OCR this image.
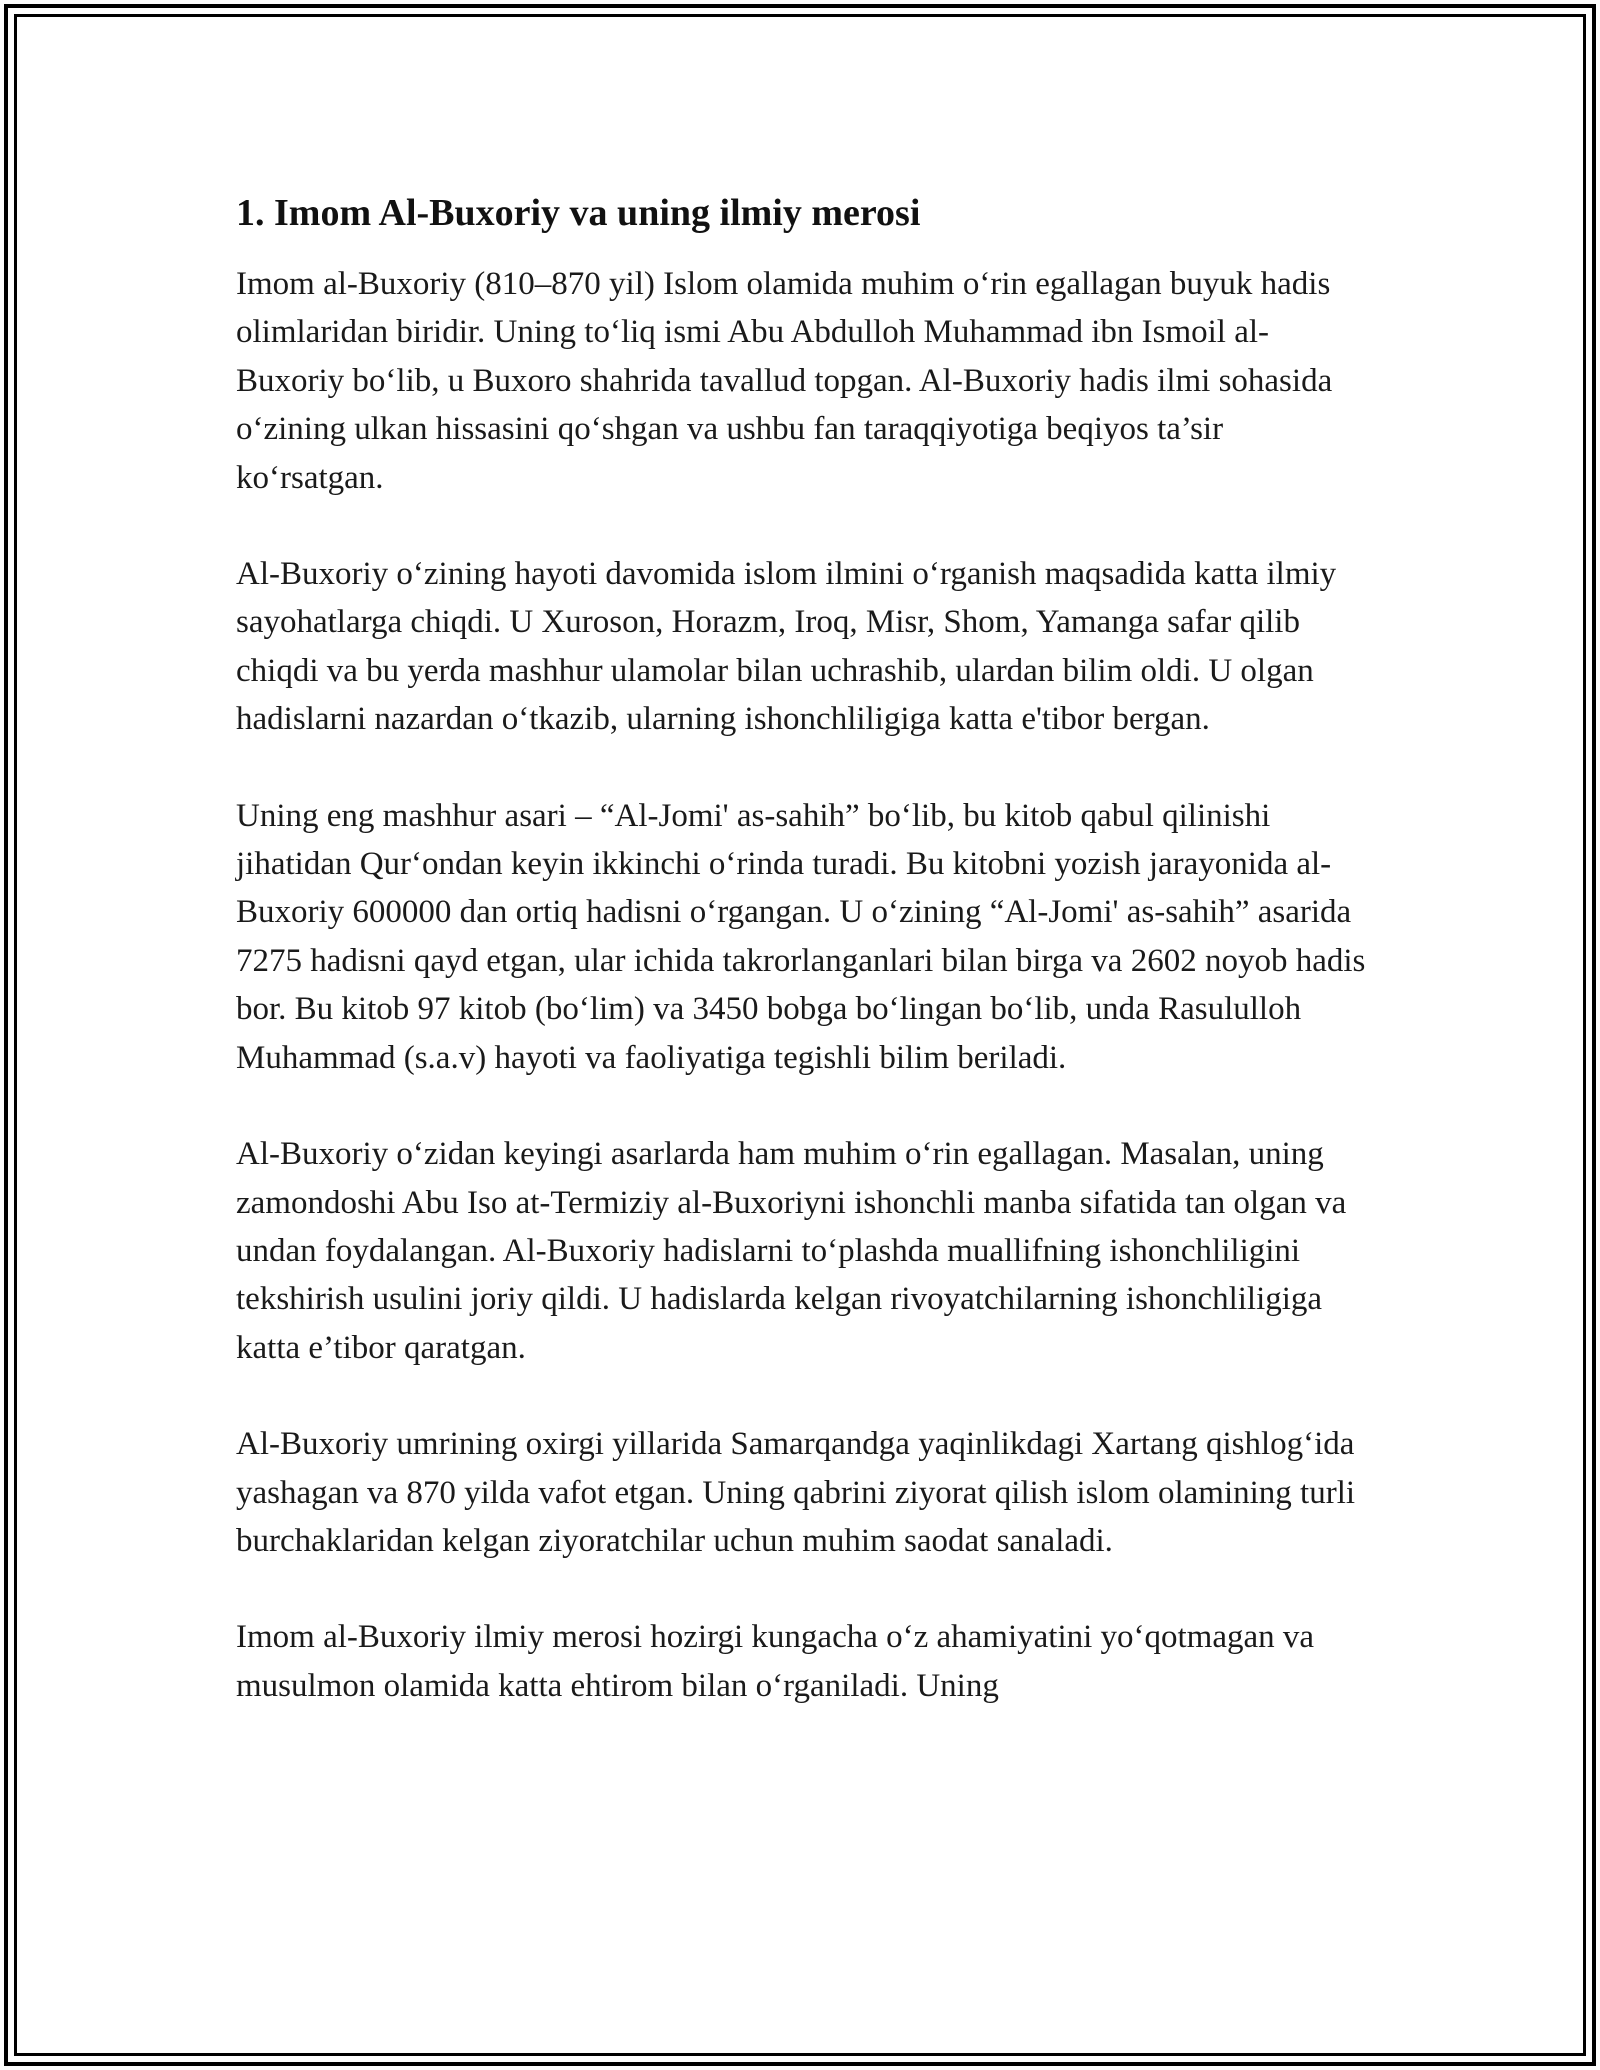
1. Imom Al-Buxoriy va uning ilmiy merosi

Imom al-Buxoriy (810–870 yil) Islom olamida muhim oʻrin egallagan buyuk hadis olimlaridan biridir. Uning toʻliq ismi Abu Abdulloh Muhammad ibn Ismoil al-Buxoriy boʻlib, u Buxoro shahrida tavallud topgan. Al-Buxoriy hadis ilmi sohasida oʻzining ulkan hissasini qoʻshgan va ushbu fan taraqqiyotiga beqiyos ta’sir koʻrsatgan.

Al-Buxoriy oʻzining hayoti davomida islom ilmini oʻrganish maqsadida katta ilmiy sayohatlarga chiqdi. U Xuroson, Horazm, Iroq, Misr, Shom, Yamanga safar qilib chiqdi va bu yerda mashhur ulamolar bilan uchrashib, ulardan bilim oldi. U olgan hadislarni nazardan oʻtkazib, ularning ishonchliligiga katta e'tibor bergan.

Uning eng mashhur asari – “Al-Jomi' as-sahih” boʻlib, bu kitob qabul qilinishi jihatidan Qurʻondan keyin ikkinchi oʻrinda turadi. Bu kitobni yozish jarayonida al-Buxoriy 600000 dan ortiq hadisni oʻrgangan. U oʻzining “Al-Jomi' as-sahih” asarida 7275 hadisni qayd etgan, ular ichida takrorlanganlari bilan birga va 2602 noyob hadis bor. Bu kitob 97 kitob (boʻlim) va 3450 bobga boʻlingan boʻlib, unda Rasululloh Muhammad (s.a.v) hayoti va faoliyatiga tegishli bilim beriladi.

Al-Buxoriy oʻzidan keyingi asarlarda ham muhim oʻrin egallagan. Masalan, uning zamondoshi Abu Iso at-Termiziy al-Buxoriyni ishonchli manba sifatida tan olgan va undan foydalangan. Al-Buxoriy hadislarni toʻplashda muallifning ishonchliligini tekshirish usulini joriy qildi. U hadislarda kelgan rivoyatchilarning ishonchliligiga katta e’tibor qaratgan.

Al-Buxoriy umrining oxirgi yillarida Samarqandga yaqinlikdagi Xartang qishlogʻida yashagan va 870 yilda vafot etgan. Uning qabrini ziyorat qilish islom olamining turli burchaklaridan kelgan ziyoratchilar uchun muhim saodat sanaladi.

Imom al-Buxoriy ilmiy merosi hozirgi kungacha oʻz ahamiyatini yoʻqotmagan va musulmon olamida katta ehtirom bilan oʻrganiladi. Uning
